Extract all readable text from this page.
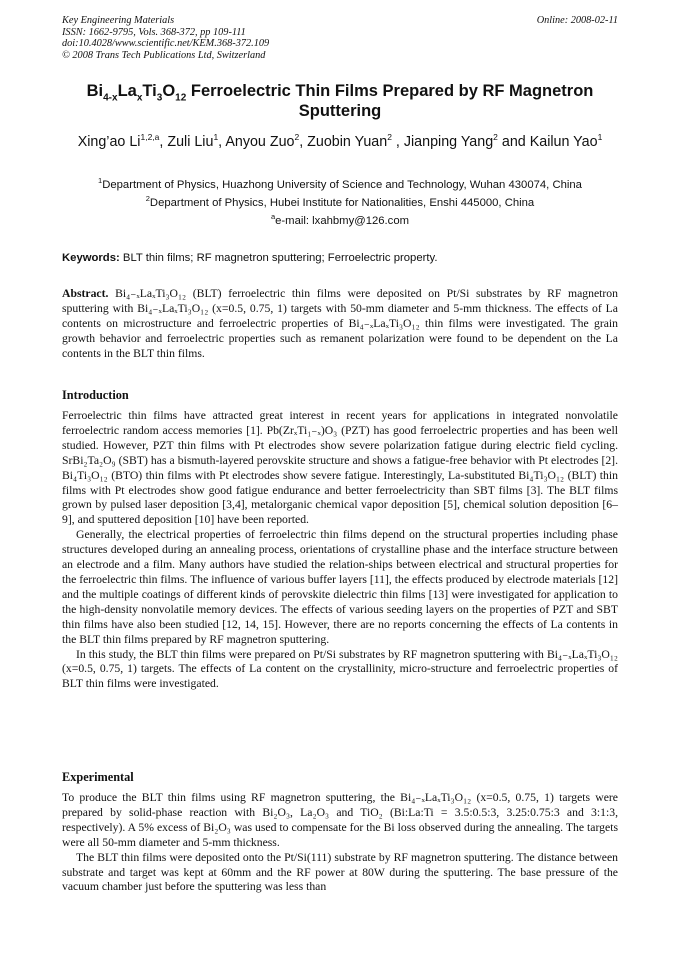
Key Engineering Materials
ISSN: 1662-9795, Vols. 368-372, pp 109-111
doi:10.4028/www.scientific.net/KEM.368-372.109
© 2008 Trans Tech Publications Ltd, Switzerland
Online: 2008-02-11
$Bi_{4-x}La_xTi_3O_{12}$ Ferroelectric Thin Films Prepared by RF Magnetron Sputtering
Xing’ao Li$^{1,2,a}$, Zuli Liu$^1$, Anyou Zuo$^2$, Zuobin Yuan$^2$ , Jianping Yang$^2$ and Kailun Yao$^1$
$^1$Department of Physics, Huazhong University of Science and Technology, Wuhan 430074, China
$^2$Department of Physics, Hubei Institute for Nationalities, Enshi 445000, China
$^a$e-mail: lxahbmy@126.com
Keywords: BLT thin films; RF magnetron sputtering; Ferroelectric property.

Abstract. Bi₄₋ₓLaₓTi₃O₁₂ (BLT) ferroelectric thin films were deposited on Pt/Si substrates by RF magnetron sputtering with Bi₄₋ₓLaₓTi₃O₁₂ (x=0.5, 0.75, 1) targets with 50-mm diameter and 5-mm thickness. The effects of La contents on microstructure and ferroelectric properties of Bi₄₋ₓLaₓTi₃O₁₂ thin films were investigated. The grain growth behavior and ferroelectric properties such as remanent polarization were found to be dependent on the La contents in the BLT thin films.

Introduction

Ferroelectric thin films have attracted great interest in recent years for applications in integrated nonvolatile ferroelectric random access memories [1]. Pb(ZrₓTi₁₋ₓ)O₃ (PZT) has good ferroelectric properties and has been well studied. However, PZT thin films with Pt electrodes show severe polarization fatigue during electric field cycling. SrBi₂Ta₂O₉ (SBT) has a bismuth-layered perovskite structure and shows a fatigue-free behavior with Pt electrodes [2]. Bi₄Ti₃O₁₂ (BTO) thin films with Pt electrodes show severe fatigue. Interestingly, La-substituted Bi₄Ti₃O₁₂ (BLT) thin films with Pt electrodes show good fatigue endurance and better ferroelectricity than SBT films [3]. The BLT films grown by pulsed laser deposition [3,4], metalorganic chemical vapor deposition [5], chemical solution deposition [6–9], and sputtered deposition [10] have been reported.

Generally, the electrical properties of ferroelectric thin films depend on the structural properties including phase structures developed during an annealing process, orientations of crystalline phase and the interface structure between an electrode and a film. Many authors have studied the relation-ships between electrical and structural properties for the ferroelectric thin films. The influence of various buffer layers [11], the effects produced by electrode materials [12] and the multiple coatings of different kinds of perovskite dielectric thin films [13] were investigated for application to the high-density nonvolatile memory devices. The effects of various seeding layers on the properties of PZT and SBT thin films have also been studied [12, 14, 15]. However, there are no reports concerning the effects of La contents in the BLT thin films prepared by RF magnetron sputtering.

In this study, the BLT thin films were prepared on Pt/Si substrates by RF magnetron sputtering with Bi₄₋ₓLaₓTi₃O₁₂ (x=0.5, 0.75, 1) targets. The effects of La content on the crystallinity, micro-structure and ferroelectric properties of BLT thin films were investigated.

Experimental

To produce the BLT thin films using RF magnetron sputtering, the Bi₄₋ₓLaₓTi₃O₁₂ (x=0.5, 0.75, 1) targets were prepared by solid-phase reaction with Bi₂O₃, La₂O₃ and TiO₂ (Bi:La:Ti = 3.5:0.5:3, 3.25:0.75:3 and 3:1:3, respectively). A 5% excess of Bi₂O₃ was used to compensate for the Bi loss observed during the annealing. The targets were all 50-mm diameter and 5-mm thickness.

The BLT thin films were deposited onto the Pt/Si(111) substrate by RF magnetron sputtering. The distance between substrate and target was kept at 60mm and the RF power at 80W during the sputtering. The base pressure of the vacuum chamber just before the sputtering was less than
